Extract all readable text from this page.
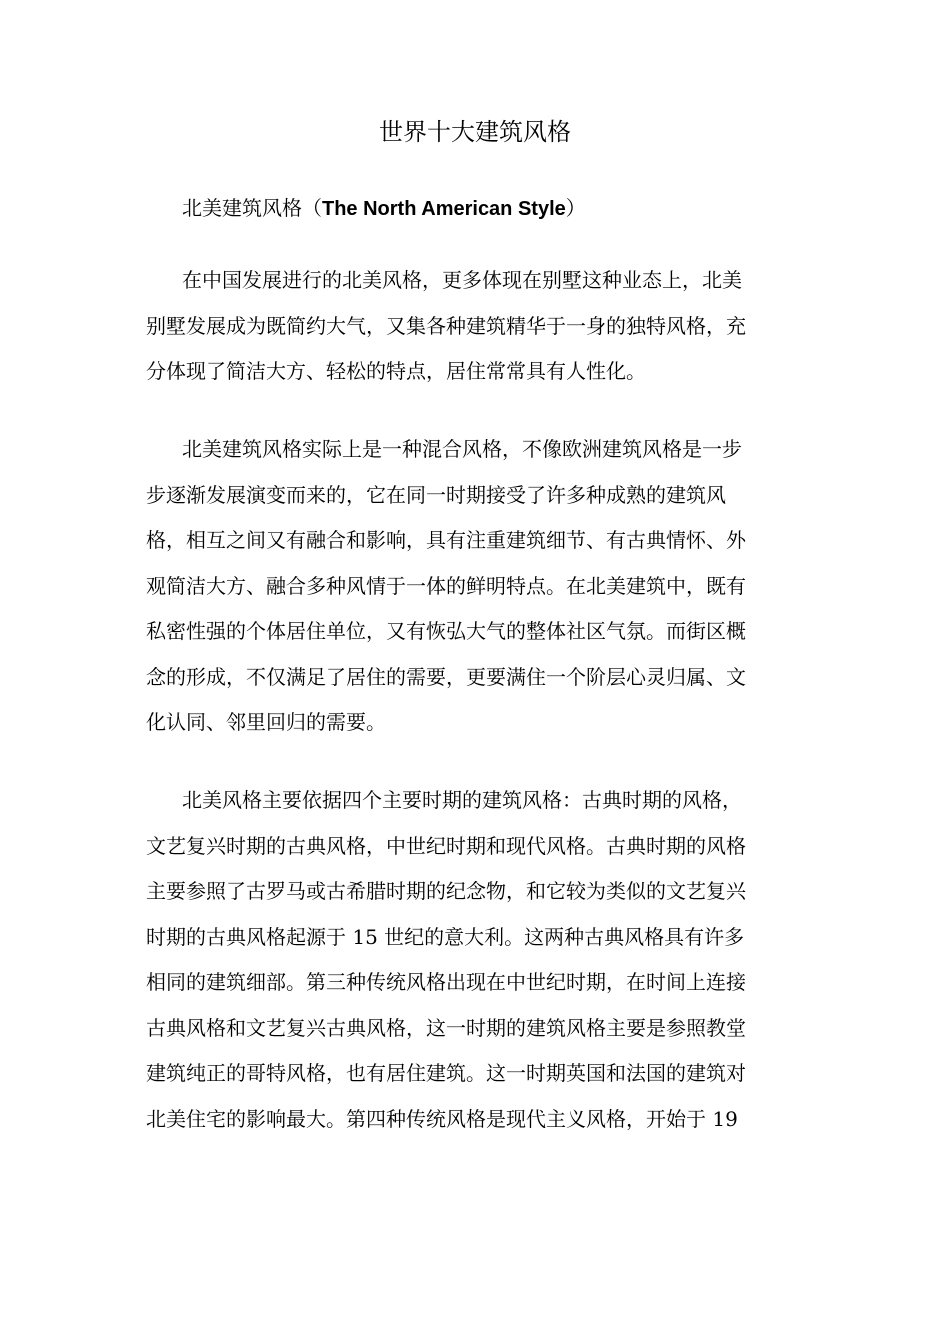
世界十大建筑风格
北美建筑风格（The North American Style）

在中国发展进行的北美风格，更多体现在别墅这种业态上，北美
别墅发展成为既简约大气，又集各种建筑精华于一身的独特风格，充
分体现了简洁大方、轻松的特点，居住常常具有人性化。

北美建筑风格实际上是一种混合风格，不像欧洲建筑风格是一步
步逐渐发展演变而来的，它在同一时期接受了许多种成熟的建筑风
格，相互之间又有融合和影响，具有注重建筑细节、有古典情怀、外
观简洁大方、融合多种风情于一体的鲜明特点。在北美建筑中，既有
私密性强的个体居住单位，又有恢弘大气的整体社区气氛。而街区概
念的形成，不仅满足了居住的需要，更要满住一个阶层心灵归属、文
化认同、邻里回归的需要。

北美风格主要依据四个主要时期的建筑风格：古典时期的风格，
文艺复兴时期的古典风格，中世纪时期和现代风格。古典时期的风格
主要参照了古罗马或古希腊时期的纪念物，和它较为类似的文艺复兴
时期的古典风格起源于 15 世纪的意大利。这两种古典风格具有许多
相同的建筑细部。第三种传统风格出现在中世纪时期，在时间上连接
古典风格和文艺复兴古典风格，这一时期的建筑风格主要是参照教堂
建筑纯正的哥特风格，也有居住建筑。这一时期英国和法国的建筑对
北美住宅的影响最大。第四种传统风格是现代主义风格，开始于 19
